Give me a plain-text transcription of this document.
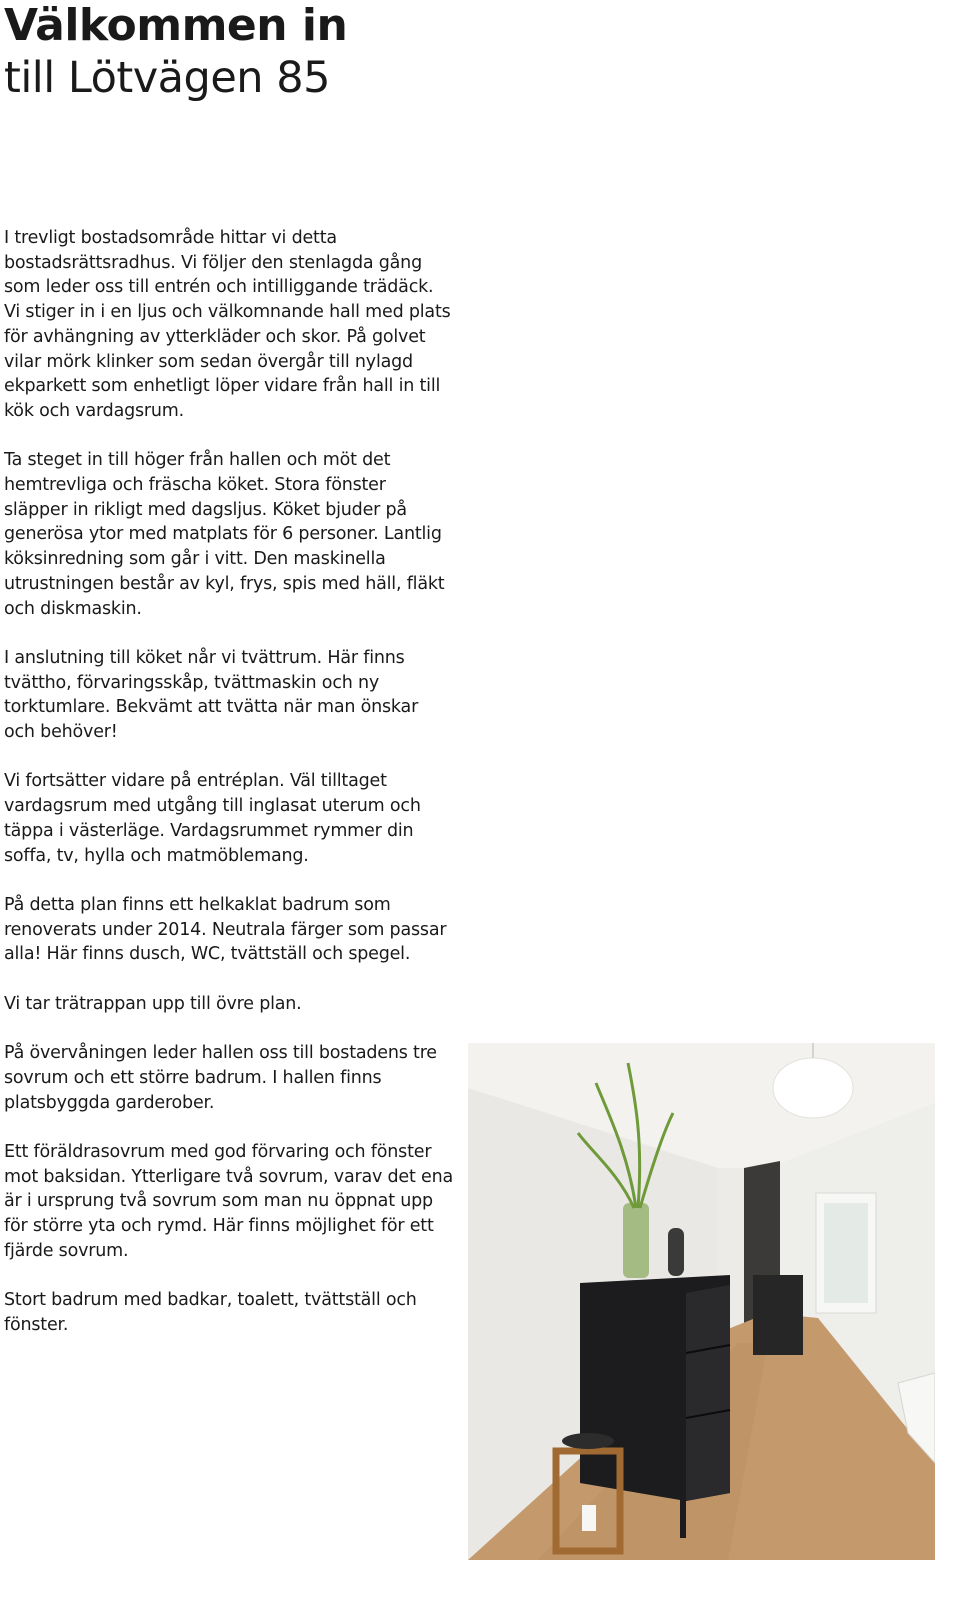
Välkommen in
till Lötvägen 85

I trevligt bostadsområde hittar vi detta bostadsrättsradhus. Vi följer den stenlagda gång som leder oss till entrén och intilliggande trädäck. Vi stiger in i en ljus och välkomnande hall med plats för avhängning av ytterkläder och skor. På golvet vilar mörk klinker som sedan övergår till nylagd ekparkett som enhetligt löper vidare från hall in till kök och vardagsrum.

Ta steget in till höger från hallen och möt det hemtrevliga och fräscha köket. Stora fönster släpper in rikligt med dagsljus. Köket bjuder på generösa ytor med matplats för 6 personer. Lantlig köksinredning som går i vitt. Den maskinella utrustningen består av kyl, frys, spis med häll, fläkt och diskmaskin.

I anslutning till köket når vi tvättrum. Här finns tvättho, förvaringsskåp, tvättmaskin och ny torktumlare. Bekvämt att tvätta när man önskar och behöver!

Vi fortsätter vidare på entréplan. Väl tilltaget vardagsrum med utgång till inglasat uterum och täppa i västerläge. Vardagsrummet rymmer din soffa, tv, hylla och matmöblemang.

På detta plan finns ett helkaklat badrum som renoverats under 2014. Neutrala färger som passar alla! Här finns dusch, WC, tvättställ och spegel.

Vi tar trätrappan upp till övre plan.

På övervåningen leder hallen oss till bostadens tre sovrum och ett större badrum. I hallen finns platsbyggda garderober.

Ett föräldrasovrum med god förvaring och fönster mot baksidan. Ytterligare två sovrum, varav det ena är i ursprung två sovrum som man nu öppnat upp för större yta och rymd. Här finns möjlighet för ett fjärde sovrum.

Stort badrum med badkar, toalett, tvättställ och fönster.
